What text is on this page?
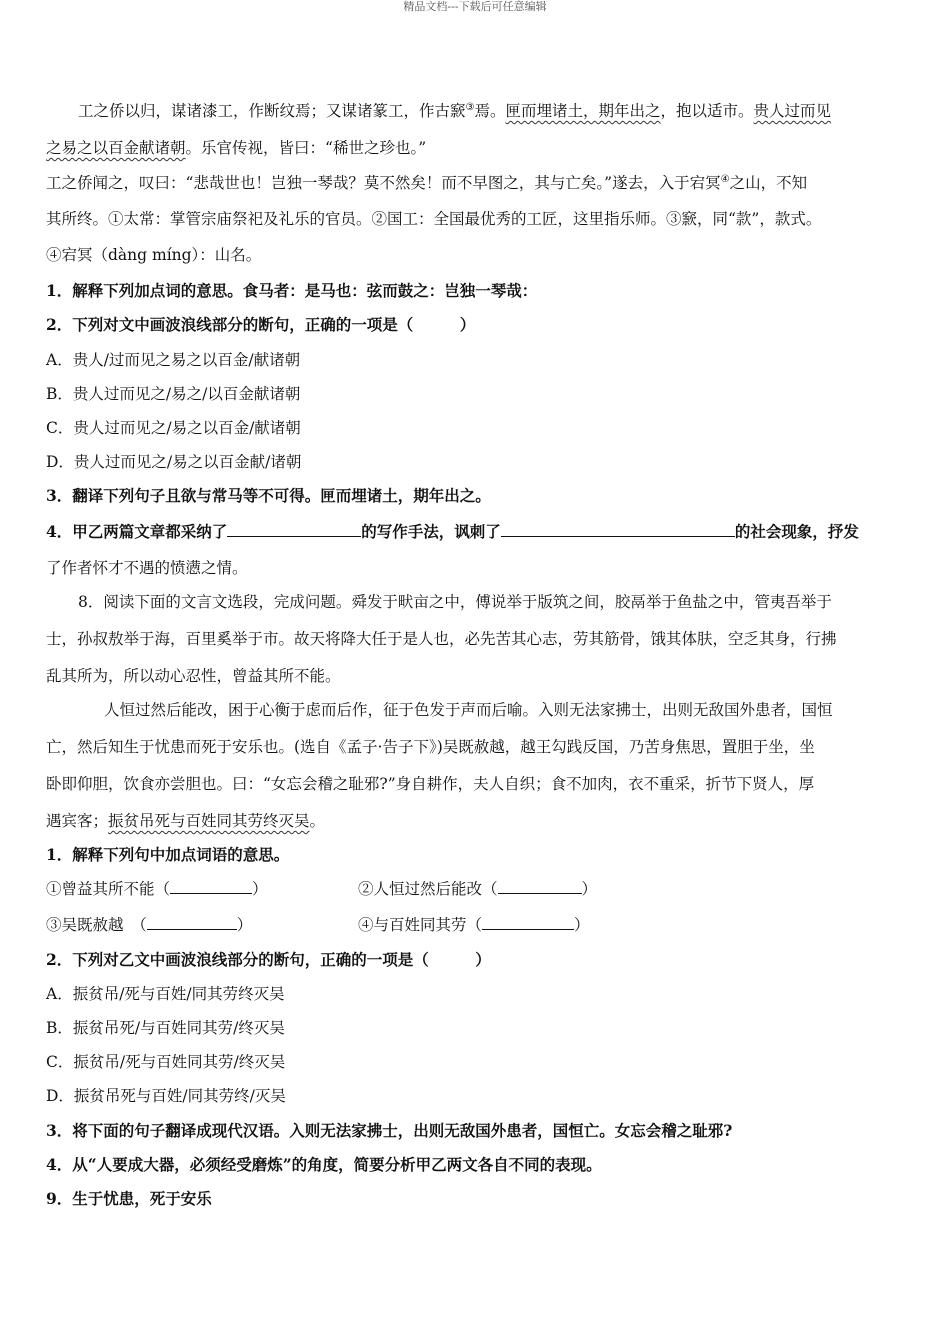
精品文档---下载后可任意编辑
工之侨以归，谋诸漆工，作断纹焉；又谋诸篆工，作古窾③焉。匣而埋诸土，期年出之，抱以适市。贵人过而见
之易之以百金献诸朝。乐官传视，皆曰：“稀世之珍也。”
工之侨闻之，叹曰：“悲哉世也！岂独一琴哉？莫不然矣！而不早图之，其与亡矣。”遂去，入于宕冥④之山，不知
其所终。①太常：掌管宗庙祭祀及礼乐的官员。②国工：全国最优秀的工匠，这里指乐师。③窾，同“款”，款式。
④宕冥（dàng míng）：山名。
1．解释下列加点词的意思。食马者：是马也：弦而鼓之：岂独一琴哉：
2．下列对文中画波浪线部分的断句，正确的一项是（　　　）
A．贵人/过而见之易之以百金/献诸朝
B．贵人过而见之/易之/以百金献诸朝
C．贵人过而见之/易之以百金/献诸朝
D．贵人过而见之/易之以百金献/诸朝
3．翻译下列句子且欲与常马等不可得。匣而埋诸土，期年出之。
4．甲乙两篇文章都采纳了	的写作手法，讽刺了	的社会现象，抒发
了作者怀才不遇的愤懑之情。
8．阅读下面的文言文选段，完成问题。舜发于畎亩之中，傅说举于版筑之间，胶鬲举于鱼盐之中，管夷吾举于
士，孙叔敖举于海，百里奚举于市。故天将降大任于是人也，必先苦其心志，劳其筋骨，饿其体肤，空乏其身，行拂
乱其所为，所以动心忍性，曾益其所不能。
人恒过然后能改，困于心衡于虑而后作，征于色发于声而后喻。入则无法家拂士，出则无敌国外患者，国恒
亡，然后知生于忧患而死于安乐也。(选自《孟子·告子下》)吴既赦越，越王勾践反国，乃苦身焦思，置胆于坐，坐
卧即仰胆，饮食亦尝胆也。曰：“女忘会稽之耻邪?”身自耕作，夫人自织；食不加肉，衣不重采，折节下贤人，厚
遇宾客；振贫吊死与百姓同其劳终灭吴。
1．解释下列句中加点词语的意思。
①曾益其所不能（	）	②人恒过然后能改（	）
③吴既赦越　（	）	④与百姓同其劳（	）
2．下列对乙文中画波浪线部分的断句，正确的一项是（　　　）
A．振贫吊/死与百姓/同其劳终灭吴
B．振贫吊死/与百姓同其劳/终灭吴
C．振贫吊/死与百姓同其劳/终灭吴
D．振贫吊死与百姓/同其劳终/灭吴
3．将下面的句子翻译成现代汉语。入则无法家拂士，出则无敌国外患者，国恒亡。女忘会稽之耻邪?
4．从“人要成大器，必须经受磨炼”的角度，简要分析甲乙两文各自不同的表现。
9．生于忧患，死于安乐
